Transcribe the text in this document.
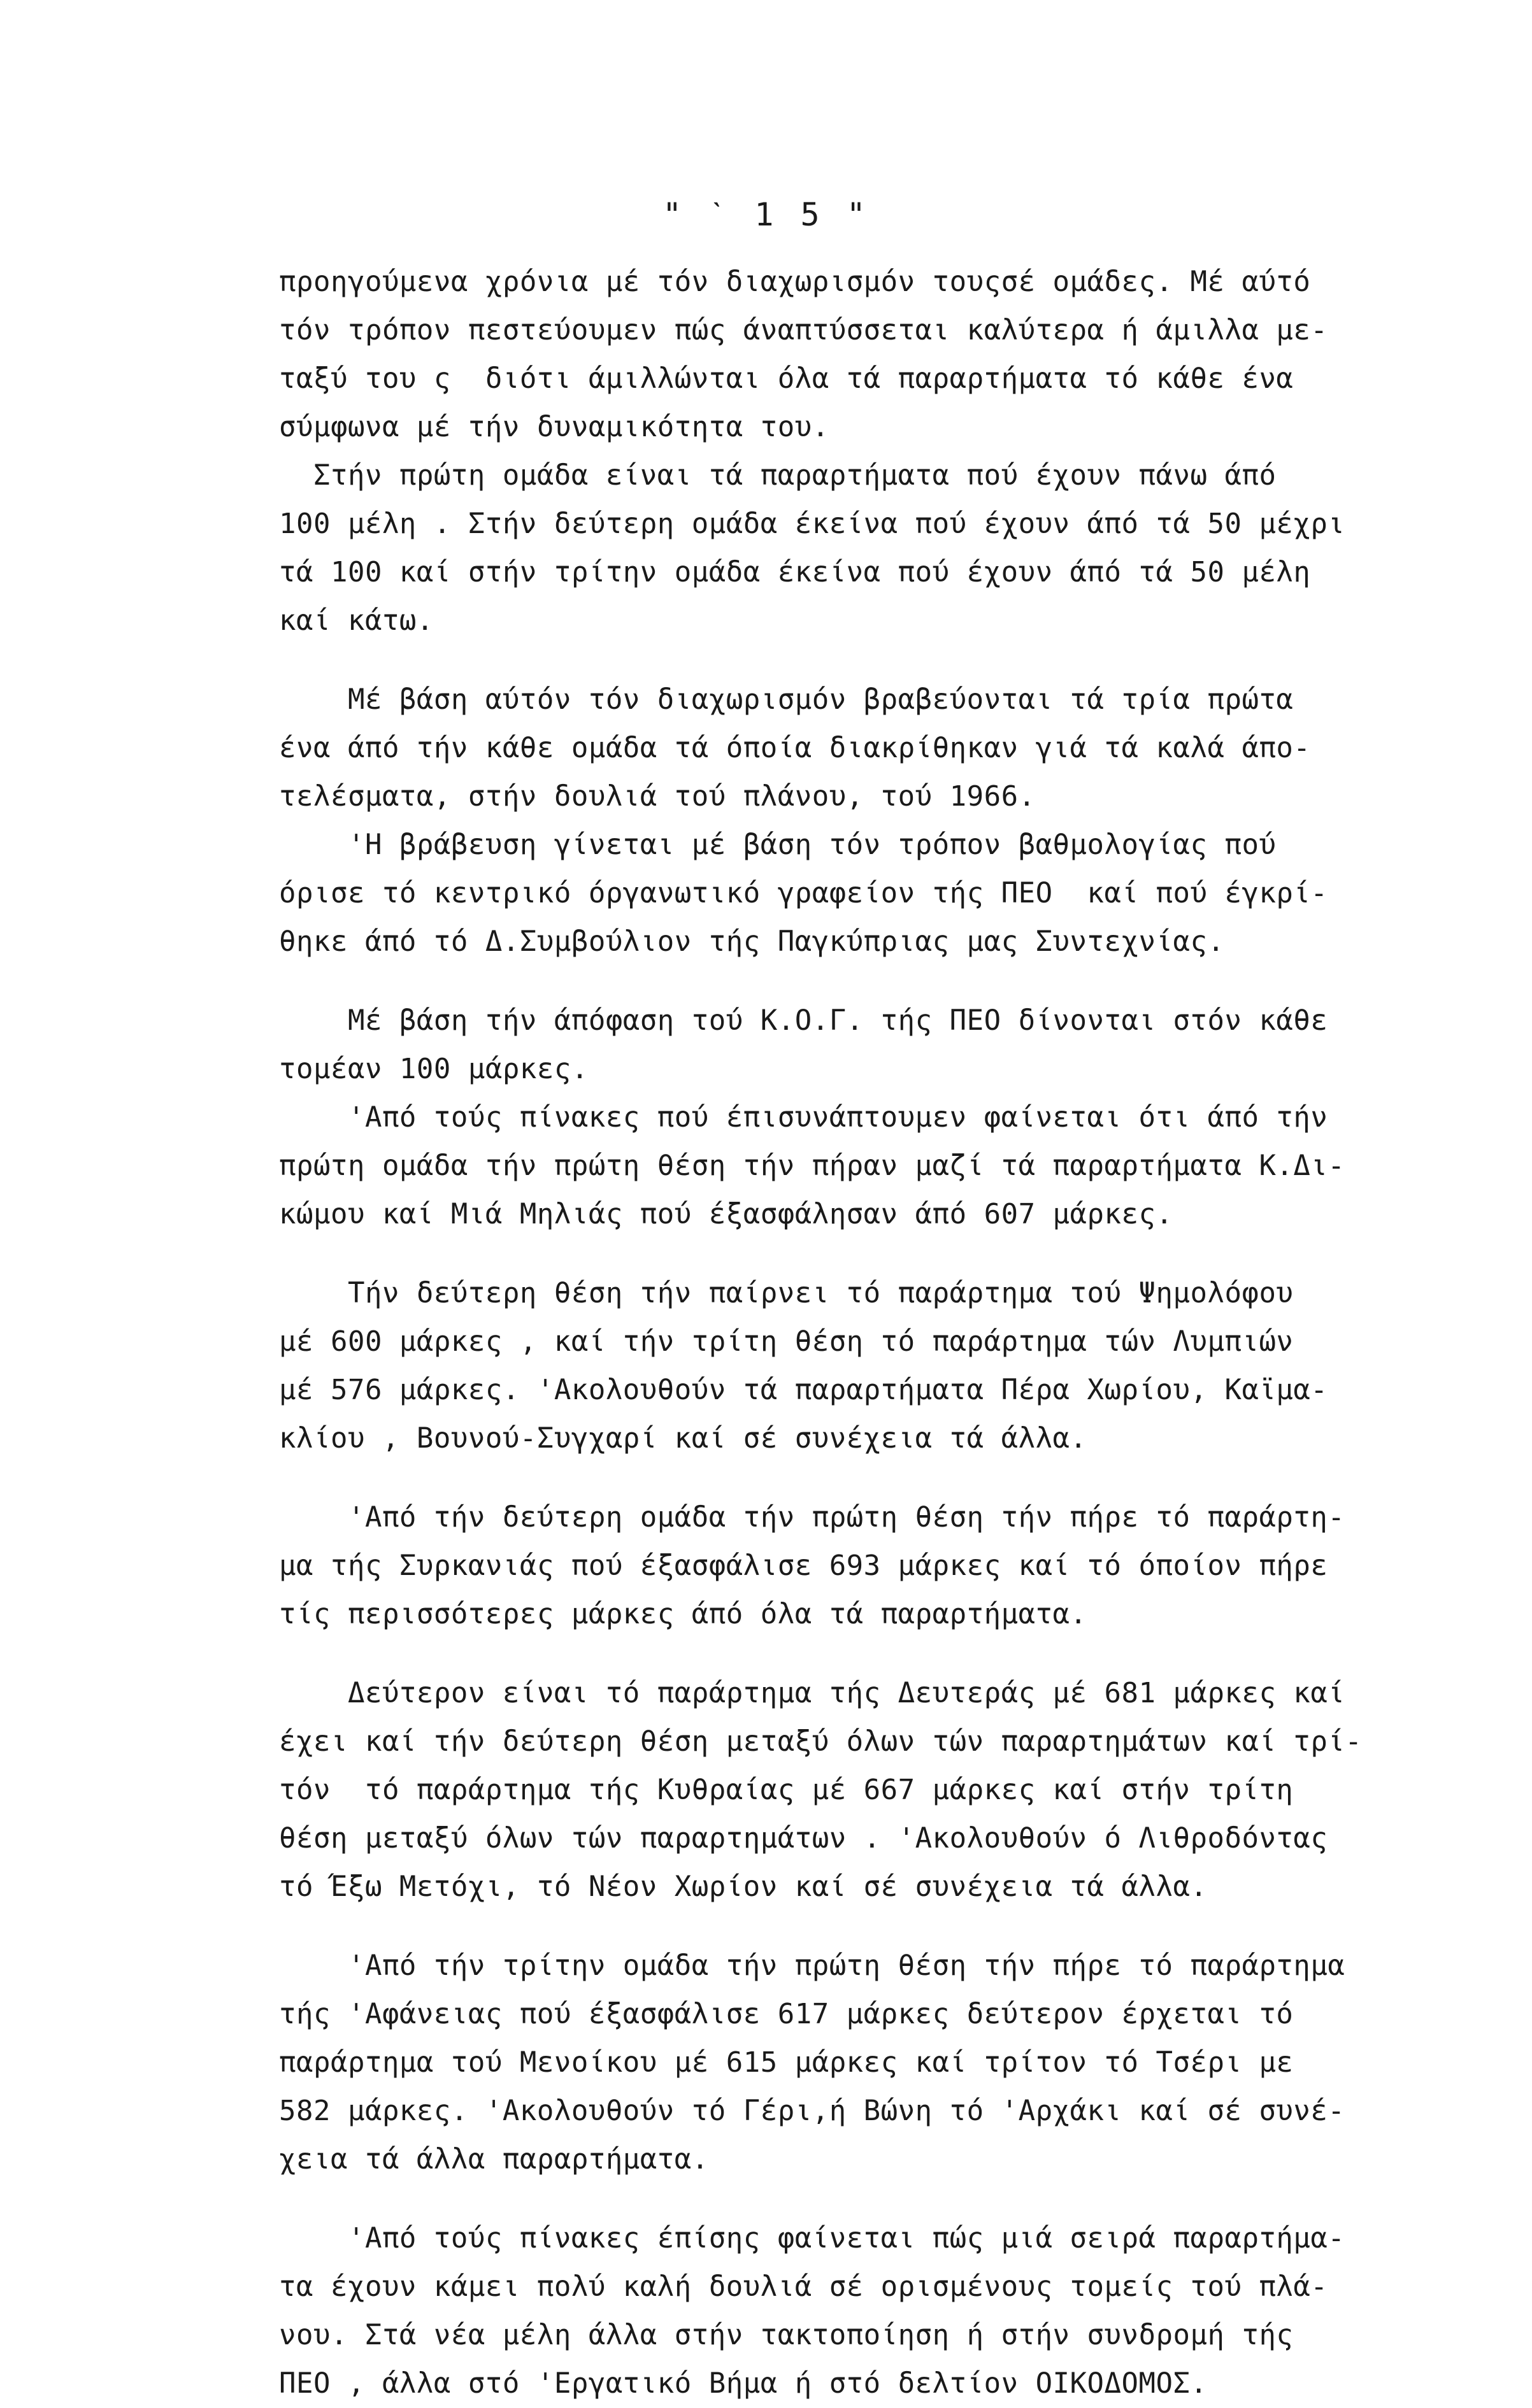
" ˋ 1 5 "
προηγούμενα χρόνια μέ τόν διαχωρισμόν τουςσέ ομάδες. Μέ αύτό
τόν τρόπον πεστεύουμεν πώς άναπτύσσεται καλύτερα ή άμιλλα με-
ταξύ του ς  διότι άμιλλώνται όλα τά παραρτήματα τό κάθε ένα
σύμφωνα μέ τήν δυναμικότητα του.
Στήν πρώτη ομάδα είναι τά παραρτήματα πού έχουν πάνω άπό
100 μέλη . Στήν δεύτερη ομάδα έκείνα πού έχουν άπό τά 50 μέχρι
τά 100 καί στήν τρίτην ομάδα έκείνα πού έχουν άπό τά 50 μέλη
καί κάτω.
Μέ βάση αύτόν τόν διαχωρισμόν βραβεύονται τά τρία πρώτα
ένα άπό τήν κάθε ομάδα τά όποία διακρίθηκαν γιά τά καλά άπο-
τελέσματα, στήν δουλιά τού πλάνου, τού 1966.
'Η βράβευση γίνεται μέ βάση τόν τρόπον βαθμολογίας πού
όρισε τό κεντρικό όργανωτικό γραφείον τής ΠΕΟ  καί πού έγκρί-
θηκε άπό τό Δ.Συμβούλιον τής Παγκύπριας μας Συντεχνίας.
Μέ βάση τήν άπόφαση τού Κ.Ο.Γ. τής ΠΕΟ δίνονται στόν κάθε
τομέαν 100 μάρκες.
'Από τούς πίνακες πού έπισυνάπτουμεν φαίνεται ότι άπό τήν
πρώτη ομάδα τήν πρώτη θέση τήν πήραν μαζί τά παραρτήματα Κ.Δι-
κώμου καί Μιά Μηλιάς πού έξασφάλησαν άπό 607 μάρκες.
Τήν δεύτερη θέση τήν παίρνει τό παράρτημα τού Ψημολόφου
μέ 600 μάρκες , καί τήν τρίτη θέση τό παράρτημα τών Λυμπιών
μέ 576 μάρκες. 'Ακολουθούν τά παραρτήματα Πέρα Χωρίου, Καϊμα-
κλίου , Βουνού-Συγχαρί καί σέ συνέχεια τά άλλα.
'Από τήν δεύτερη ομάδα τήν πρώτη θέση τήν πήρε τό παράρτη-
μα τής Συρκανιάς πού έξασφάλισε 693 μάρκες καί τό όποίον πήρε
τίς περισσότερες μάρκες άπό όλα τά παραρτήματα.
Δεύτερον είναι τό παράρτημα τής Δευτεράς μέ 681 μάρκες καί
έχει καί τήν δεύτερη θέση μεταξύ όλων τών παραρτημάτων καί τρί-
τόν  τό παράρτημα τής Κυθραίας μέ 667 μάρκες καί στήν τρίτη
θέση μεταξύ όλων τών παραρτημάτων . 'Ακολουθούν ό Λιθροδόντας
τό Έξω Μετόχι, τό Νέον Χωρίον καί σέ συνέχεια τά άλλα.
'Από τήν τρίτην ομάδα τήν πρώτη θέση τήν πήρε τό παράρτημα
τής 'Αφάνειας πού έξασφάλισε 617 μάρκες δεύτερον έρχεται τό
παράρτημα τού Μενοίκου μέ 615 μάρκες καί τρίτον τό Τσέρι με
582 μάρκες. 'Ακολουθούν τό Γέρι,ή Βώνη τό 'Αρχάκι καί σέ συνέ-
χεια τά άλλα παραρτήματα.
'Από τούς πίνακες έπίσης φαίνεται πώς μιά σειρά παραρτήμα-
τα έχουν κάμει πολύ καλή δουλιά σέ ορισμένους τομείς τού πλά-
νου. Στά νέα μέλη άλλα στήν τακτοποίηση ή στήν συνδρομή τής
ΠΕΟ , άλλα στό 'Εργατικό Βήμα ή στό δελτίον ΟΙΚΟΔΟΜΟΣ.
